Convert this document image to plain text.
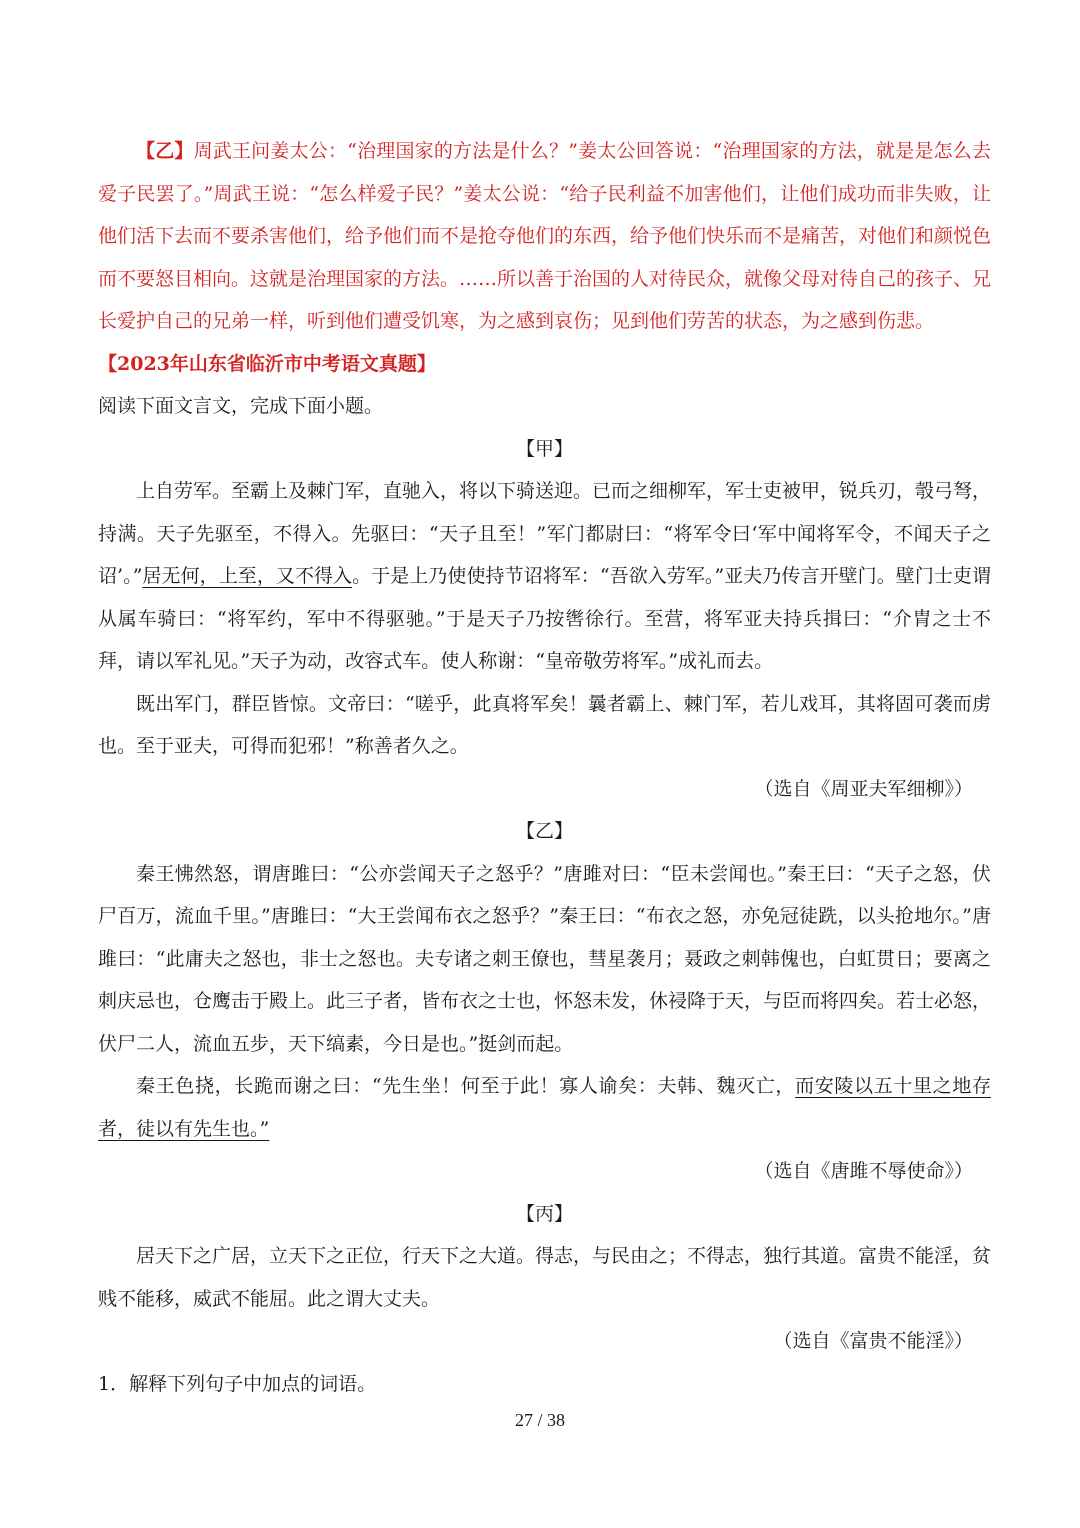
【乙】周武王问姜太公：“治理国家的方法是什么？”姜太公回答说：“治理国家的方法，就是是怎么去爱子民罢了。”周武王说：“怎么样爱子民？”姜太公说：“给子民利益不加害他们，让他们成功而非失败，让他们活下去而不要杀害他们，给予他们而不是抢夺他们的东西，给予他们快乐而不是痛苦，对他们和颜悦色而不要怒目相向。这就是治理国家的方法。……所以善于治国的人对待民众，就像父母对待自己的孩子、兄长爱护自己的兄弟一样，听到他们遭受饥寒，为之感到哀伤；见到他们劳苦的状态，为之感到伤悲。

【2023年山东省临沂市中考语文真题】

阅读下面文言文，完成下面小题。

【甲】

上自劳军。至霸上及棘门军，直驰入，将以下骑送迎。已而之细柳军，军士吏被甲，锐兵刃，彀弓弩，持满。天子先驱至，不得入。先驱曰：“天子且至！”军门都尉曰：“将军令曰‘军中闻将军令，不闻天子之诏’。”居无何，上至，又不得入。于是上乃使使持节诏将军：“吾欲入劳军。”亚夫乃传言开壁门。壁门士吏谓从属车骑曰：“将军约，军中不得驱驰。”于是天子乃按辔徐行。至营，将军亚夫持兵揖曰：“介胄之士不拜，请以军礼见。”天子为动，改容式车。使人称谢：“皇帝敬劳将军。”成礼而去。

既出军门，群臣皆惊。文帝曰：“嗟乎，此真将军矣！曩者霸上、棘门军，若儿戏耳，其将固可袭而虏也。至于亚夫，可得而犯邪！”称善者久之。

（选自《周亚夫军细柳》）

【乙】

秦王怫然怒，谓唐雎曰：“公亦尝闻天子之怒乎？”唐雎对曰：“臣未尝闻也。”秦王曰：“天子之怒，伏尸百万，流血千里。”唐雎曰：“大王尝闻布衣之怒乎？”秦王曰：“布衣之怒，亦免冠徒跣，以头抢地尔。”唐雎曰：“此庸夫之怒也，非士之怒也。夫专诸之刺王僚也，彗星袭月；聂政之刺韩傀也，白虹贯日；要离之刺庆忌也，仓鹰击于殿上。此三子者，皆布衣之士也，怀怒未发，休祲降于天，与臣而将四矣。若士必怒，伏尸二人，流血五步，天下缟素，今日是也。”挺剑而起。

秦王色挠，长跪而谢之曰：“先生坐！何至于此！寡人谕矣：夫韩、魏灭亡，而安陵以五十里之地存者，徒以有先生也。”

（选自《唐雎不辱使命》）

【丙】

居天下之广居，立天下之正位，行天下之大道。得志，与民由之；不得志，独行其道。富贵不能淫，贫贱不能移，威武不能屈。此之谓大丈夫。

（选自《富贵不能淫》）

1．解释下列句子中加点的词语。

27 / 38
